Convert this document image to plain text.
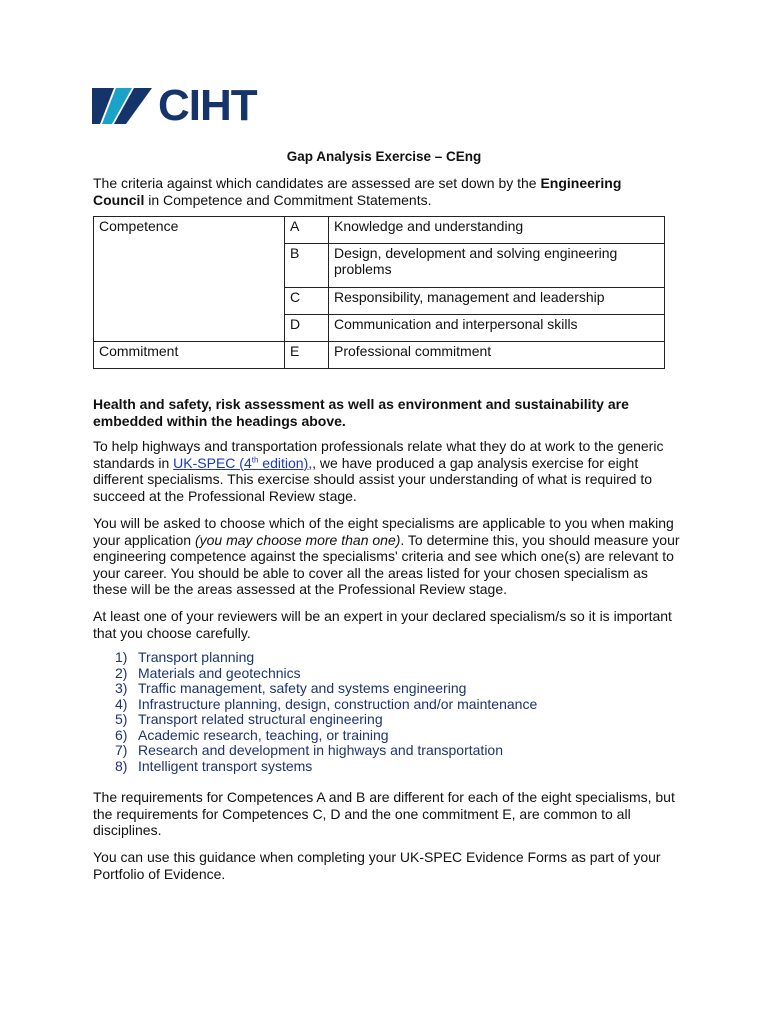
CIHT
Gap Analysis Exercise – CEng
The criteria against which candidates are assessed are set down by the Engineering
Council in Competence and Commitment Statements.
Competence	A	Knowledge and understanding
	B	Design, development and solving engineering problems
	C	Responsibility, management and leadership
	D	Communication and interpersonal skills
Commitment	E	Professional commitment
Health and safety, risk assessment as well as environment and sustainability are embedded within the headings above.
To help highways and transportation professionals relate what they do at work to the generic standards in UK-SPEC (4th edition),, we have produced a gap analysis exercise for eight different specialisms. This exercise should assist your understanding of what is required to succeed at the Professional Review stage.
You will be asked to choose which of the eight specialisms are applicable to you when making your application (you may choose more than one). To determine this, you should measure your engineering competence against the specialisms' criteria and see which one(s) are relevant to your career. You should be able to cover all the areas listed for your chosen specialism as these will be the areas assessed at the Professional Review stage.
At least one of your reviewers will be an expert in your declared specialism/s so it is important that you choose carefully.
1) Transport planning
2) Materials and geotechnics
3) Traffic management, safety and systems engineering
4) Infrastructure planning, design, construction and/or maintenance
5) Transport related structural engineering
6) Academic research, teaching, or training
7) Research and development in highways and transportation
8) Intelligent transport systems
The requirements for Competences A and B are different for each of the eight specialisms, but the requirements for Competences C, D and the one commitment E, are common to all disciplines.
You can use this guidance when completing your UK-SPEC Evidence Forms as part of your Portfolio of Evidence.
